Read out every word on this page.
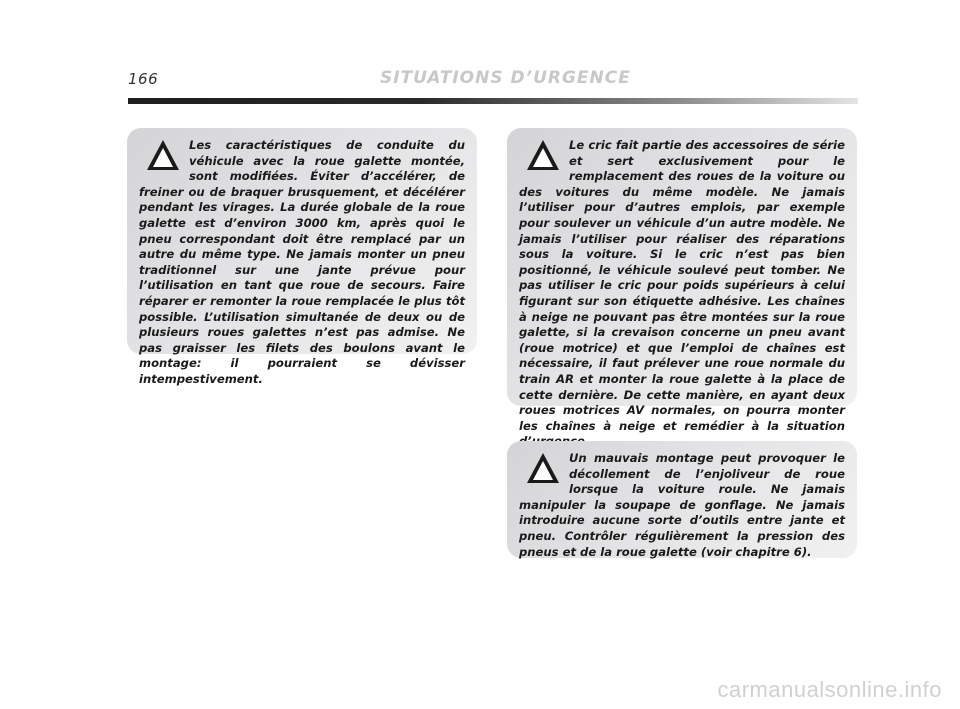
166	SITUATIONS D’URGENCE
Les caractéristiques de conduite du véhicule avec la roue galette montée, sont modifiées. Éviter d’accélérer, de freiner ou de braquer brusquement, et décélérer pendant les virages. La durée globale de la roue galette est d’environ 3000 km, après quoi le pneu correspondant doit être remplacé par un autre du même type. Ne jamais monter un pneu traditionnel sur une jante prévue pour l’utilisation en tant que roue de secours. Faire réparer er remonter la roue remplacée le plus tôt possible. L’utilisation simultanée de deux ou de plusieurs roues galettes n’est pas admise. Ne pas graisser les filets des boulons avant le montage: il pourraient se dévisser intempestivement.
Le cric fait partie des accessoires de série et sert exclusivement pour le remplacement des roues de la voiture ou des voitures du même modèle. Ne jamais l’utiliser pour d’autres emplois, par exemple pour soulever un véhicule d’un autre modèle. Ne jamais l’utiliser pour réaliser des réparations sous la voiture. Si le cric n’est pas bien positionné, le véhicule soulevé peut tomber. Ne pas utiliser le cric pour poids supérieurs à celui figurant sur son étiquette adhésive. Les chaînes à neige ne pouvant pas être montées sur la roue galette, si la crevaison concerne un pneu avant (roue motrice) et que l’emploi de chaînes est nécessaire, il faut prélever une roue normale du train AR et monter la roue galette à la place de cette dernière. De cette manière, en ayant deux roues motrices AV normales, on pourra monter les chaînes à neige et remédier à la situation
Un mauvais montage peut provoquer le décollement de l’enjoliveur de roue lorsque la voiture roule. Ne jamais manipuler la soupape de gonflage. Ne jamais introduire aucune sorte d’outils entre jante et pneu. Contrôler régulièrement la pression des pneus et de la roue galette (voir chapitre 6).
carmanualsonline.info
